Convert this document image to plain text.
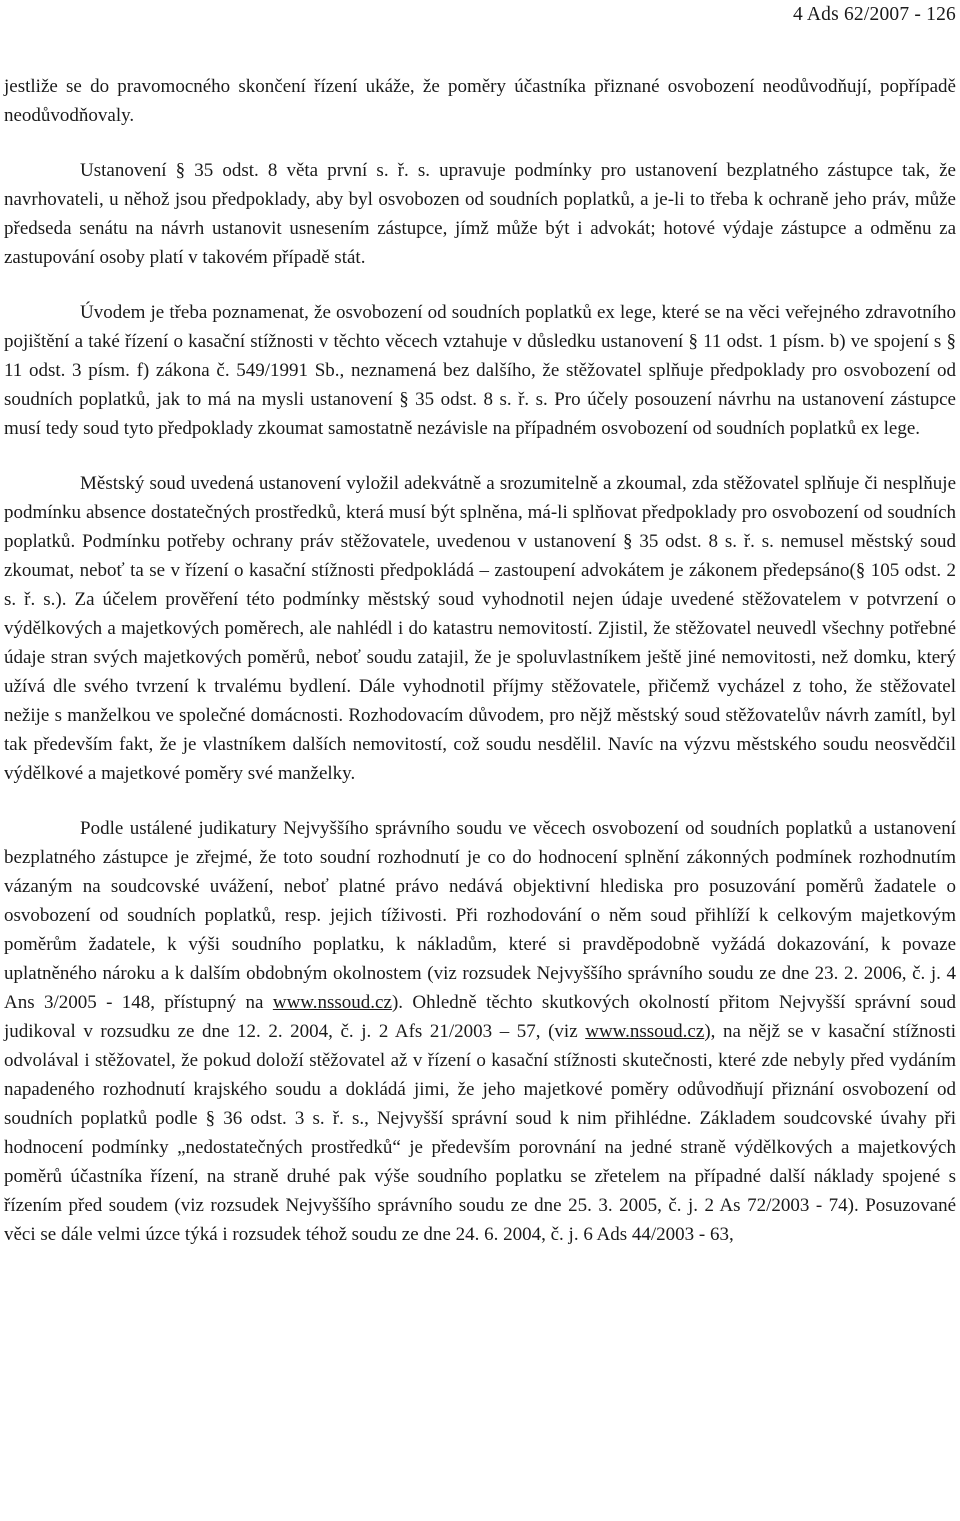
4 Ads 62/2007 - 126

jestliže se do pravomocného skončení řízení ukáže, že poměry účastníka přiznané osvobození neodůvodňují, popřípadě neodůvodňovaly.

Ustanovení § 35 odst. 8 věta první s. ř. s. upravuje podmínky pro ustanovení bezplatného zástupce tak, že navrhovateli, u něhož jsou předpoklady, aby byl osvobozen od soudních poplatků, a je-li to třeba k ochraně jeho práv, může předseda senátu na návrh ustanovit usnesením zástupce, jímž může být i advokát; hotové výdaje zástupce a odměnu za zastupování osoby platí v takovém případě stát.

Úvodem je třeba poznamenat, že osvobození od soudních poplatků ex lege, které se na věci veřejného zdravotního pojištění a také řízení o kasační stížnosti v těchto věcech vztahuje v důsledku ustanovení § 11 odst. 1 písm. b) ve spojení s § 11 odst. 3 písm. f) zákona č. 549/1991 Sb., neznamená bez dalšího, že stěžovatel splňuje předpoklady pro osvobození od soudních poplatků, jak to má na mysli ustanovení § 35 odst. 8 s. ř. s. Pro účely posouzení návrhu na ustanovení zástupce musí tedy soud tyto předpoklady zkoumat samostatně nezávisle na případném osvobození od soudních poplatků ex lege.

Městský soud uvedená ustanovení vyložil adekvátně a srozumitelně a zkoumal, zda stěžovatel splňuje či nesplňuje podmínku absence dostatečných prostředků, která musí být splněna, má-li splňovat předpoklady pro osvobození od soudních poplatků. Podmínku potřeby ochrany práv stěžovatele, uvedenou v ustanovení § 35 odst. 8 s. ř. s. nemusel městský soud zkoumat, neboť ta se v řízení o kasační stížnosti předpokládá – zastoupení advokátem je zákonem předepsáno(§ 105 odst. 2 s. ř. s.). Za účelem prověření této podmínky městský soud vyhodnotil nejen údaje uvedené stěžovatelem v potvrzení o výdělkových a majetkových poměrech, ale nahlédl i do katastru nemovitostí. Zjistil, že stěžovatel neuvedl všechny potřebné údaje stran svých majetkových poměrů, neboť soudu zatajil, že je spoluvlastníkem ještě jiné nemovitosti, než domku, který užívá dle svého tvrzení k trvalému bydlení. Dále vyhodnotil příjmy stěžovatele, přičemž vycházel z toho, že stěžovatel nežije s manželkou ve společné domácnosti. Rozhodovacím důvodem, pro nějž městský soud stěžovatelův návrh zamítl, byl tak především fakt, že je vlastníkem dalších nemovitostí, což soudu nesdělil. Navíc na výzvu městského soudu neosvědčil výdělkové a majetkové poměry své manželky.

Podle ustálené judikatury Nejvyššího správního soudu ve věcech osvobození od soudních poplatků a ustanovení bezplatného zástupce je zřejmé, že toto soudní rozhodnutí je co do hodnocení splnění zákonných podmínek rozhodnutím vázaným na soudcovské uvážení, neboť platné právo nedává objektivní hlediska pro posuzování poměrů žadatele o osvobození od soudních poplatků, resp. jejich tíživosti. Při rozhodování o něm soud přihlíží k celkovým majetkovým poměrům žadatele, k výši soudního poplatku, k nákladům, které si pravděpodobně vyžádá dokazování, k povaze uplatněného nároku a k dalším obdobným okolnostem (viz rozsudek Nejvyššího správního soudu ze dne 23. 2. 2006, č. j. 4 Ans 3/2005 - 148, přístupný na www.nssoud.cz). Ohledně těchto skutkových okolností přitom Nejvyšší správní soud judikoval v rozsudku ze dne 12. 2. 2004, č. j. 2 Afs 21/2003 – 57, (viz www.nssoud.cz), na nějž se v kasační stížnosti odvolával i stěžovatel, že pokud doloží stěžovatel až v řízení o kasační stížnosti skutečnosti, které zde nebyly před vydáním napadeného rozhodnutí krajského soudu a dokládá jimi, že jeho majetkové poměry odůvodňují přiznání osvobození od soudních poplatků podle § 36 odst. 3 s. ř. s., Nejvyšší správní soud k nim přihlédne. Základem soudcovské úvahy při hodnocení podmínky „nedostatečných prostředků“ je především porovnání na jedné straně výdělkových a majetkových poměrů účastníka řízení, na straně druhé pak výše soudního poplatku se zřetelem na případné další náklady spojené s řízením před soudem (viz rozsudek Nejvyššího správního soudu ze dne 25. 3. 2005, č. j. 2 As 72/2003 - 74). Posuzované věci se dále velmi úzce týká i rozsudek téhož soudu ze dne 24. 6. 2004, č. j. 6 Ads 44/2003 - 63,
